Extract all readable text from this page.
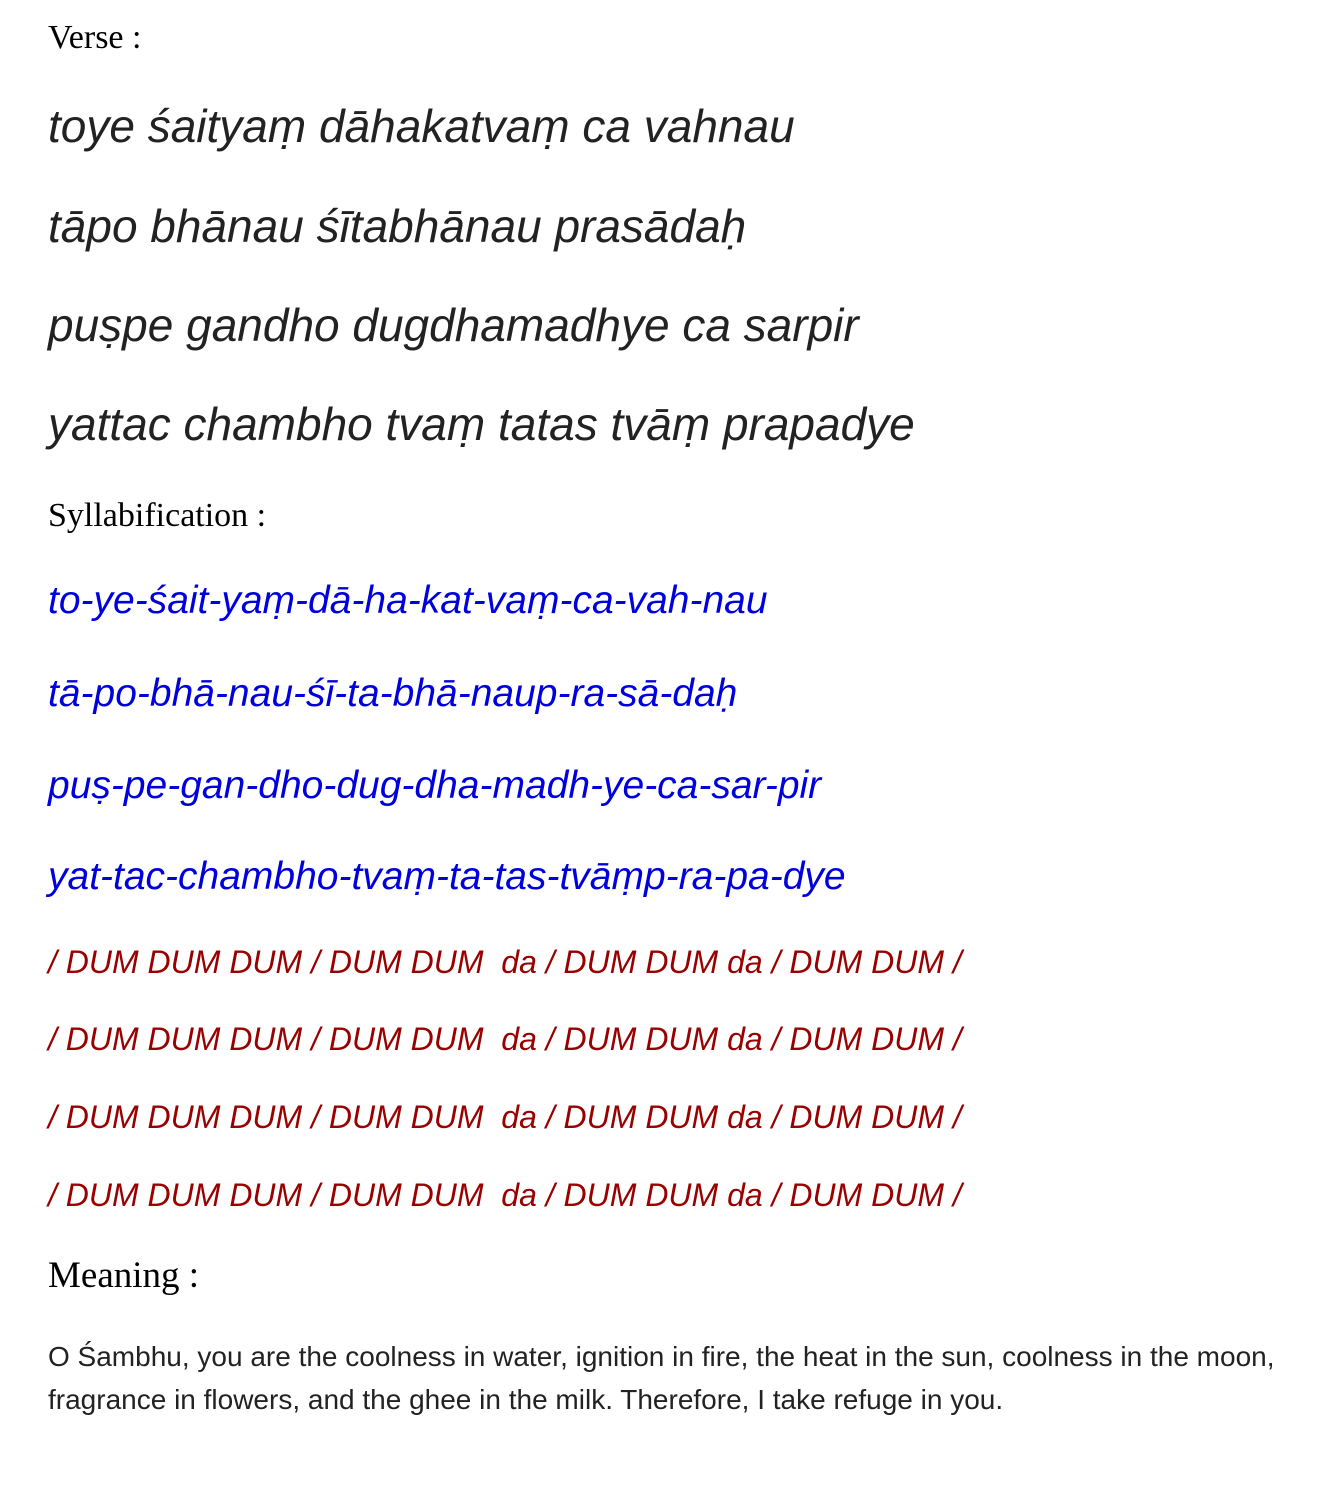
Verse :

toye śaityaṃ dāhakatvaṃ ca vahnau

tāpo bhānau śītabhānau prasādaḥ

puṣpe gandho dugdhamadhye ca sarpir

yattac chambho tvaṃ tatas tvāṃ prapadye

Syllabification :

to-ye-śait-yaṃ-dā-ha-kat-vaṃ-ca-vah-nau

tā-po-bhā-nau-śī-ta-bhā-naup-ra-sā-daḥ

puṣ-pe-gan-dho-dug-dha-madh-ye-ca-sar-pir

yat-tac-chambho-tvaṃ-ta-tas-tvāṃp-ra-pa-dye

/ DUM DUM DUM / DUM DUM  da / DUM DUM da / DUM DUM /

/ DUM DUM DUM / DUM DUM  da / DUM DUM da / DUM DUM /

/ DUM DUM DUM / DUM DUM  da / DUM DUM da / DUM DUM /

/ DUM DUM DUM / DUM DUM  da / DUM DUM da / DUM DUM /

Meaning :

O Śambhu, you are the coolness in water, ignition in fire, the heat in the sun, coolness in the moon, fragrance in flowers, and the ghee in the milk. Therefore, I take refuge in you.
